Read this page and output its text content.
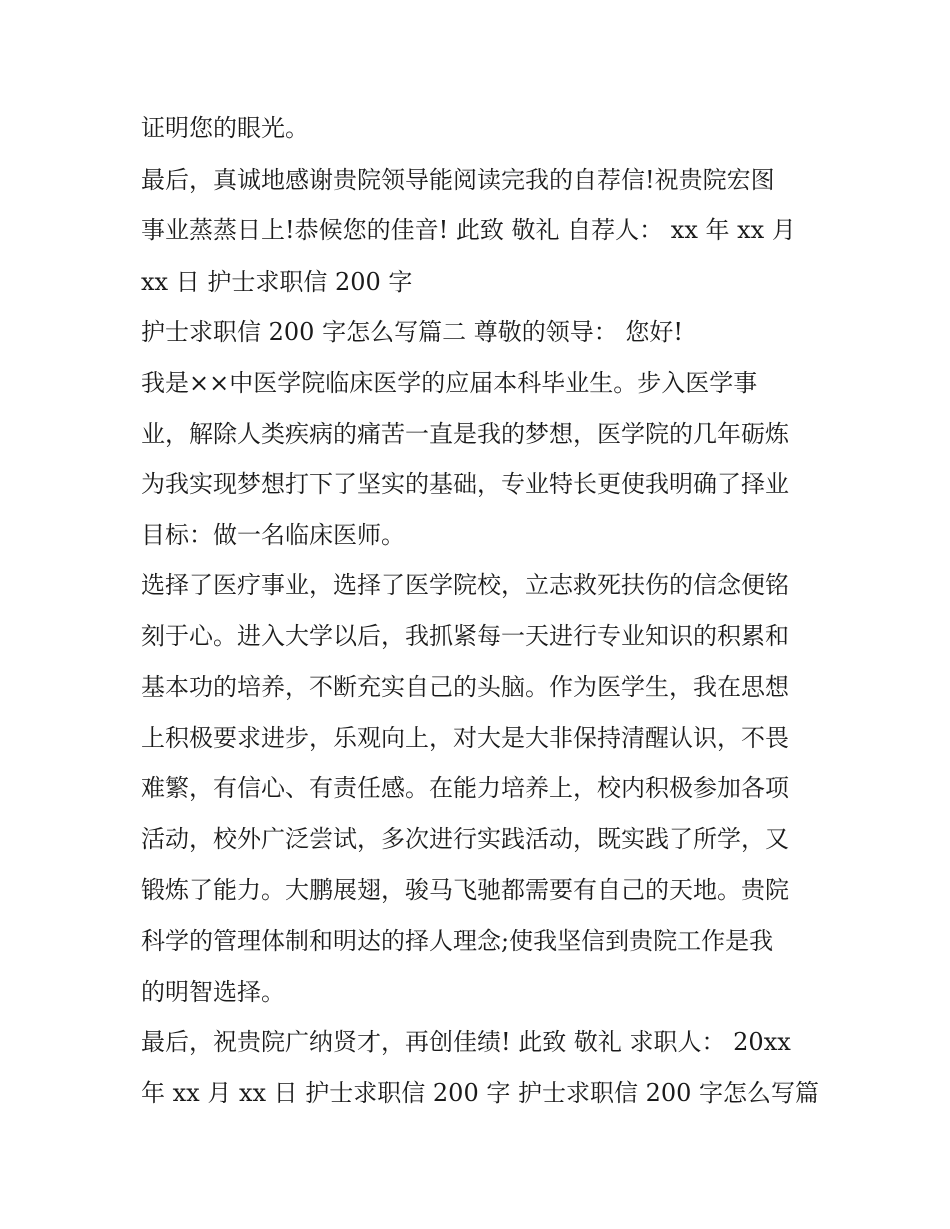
证明您的眼光。
最后，真诚地感谢贵院领导能阅读完我的自荐信!祝贵院宏图
事业蒸蒸日上!恭候您的佳音! 此致 敬礼 自荐人： xx 年 xx 月
xx 日 护士求职信 200 字
护士求职信 200 字怎么写篇二 尊敬的领导： 您好!
我是××中医学院临床医学的应届本科毕业生。步入医学事
业，解除人类疾病的痛苦一直是我的梦想，医学院的几年砺炼
为我实现梦想打下了坚实的基础，专业特长更使我明确了择业
目标：做一名临床医师。
选择了医疗事业，选择了医学院校，立志救死扶伤的信念便铭
刻于心。进入大学以后，我抓紧每一天进行专业知识的积累和
基本功的培养，不断充实自己的头脑。作为医学生，我在思想
上积极要求进步，乐观向上，对大是大非保持清醒认识，不畏
难繁，有信心、有责任感。在能力培养上，校内积极参加各项
活动，校外广泛尝试，多次进行实践活动，既实践了所学，又
锻炼了能力。大鹏展翅，骏马飞驰都需要有自己的天地。贵院
科学的管理体制和明达的择人理念;使我坚信到贵院工作是我
的明智选择。
最后，祝贵院广纳贤才，再创佳绩! 此致 敬礼 求职人： 20xx
年 xx 月 xx 日 护士求职信 200 字 护士求职信 200 字怎么写篇
